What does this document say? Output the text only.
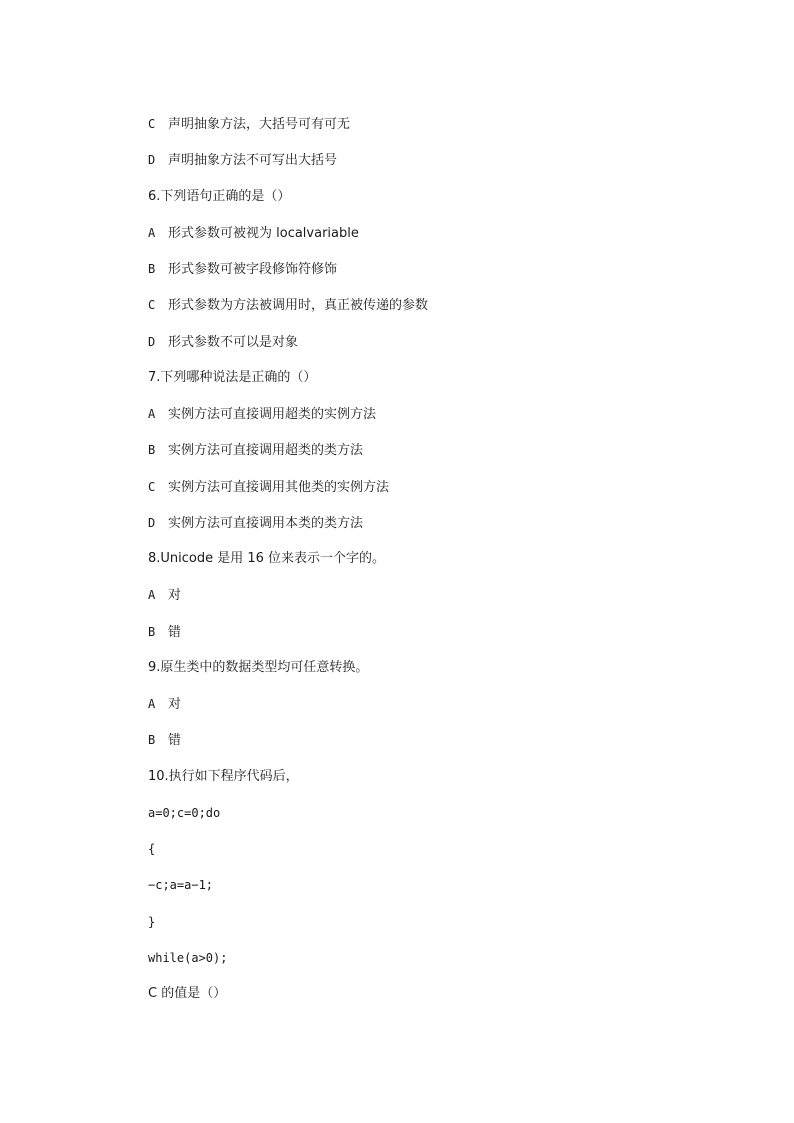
C 声明抽象方法，大括号可有可无
D 声明抽象方法不可写出大括号
6.下列语句正确的是（）
A 形式参数可被视为 localvariable
B 形式参数可被字段修饰符修饰
C 形式参数为方法被调用时，真正被传递的参数
D 形式参数不可以是对象
7.下列哪种说法是正确的（）
A 实例方法可直接调用超类的实例方法
B 实例方法可直接调用超类的类方法
C 实例方法可直接调用其他类的实例方法
D 实例方法可直接调用本类的类方法
8.Unicode 是用 16 位来表示一个字的。
A 对
B 错
9.原生类中的数据类型均可任意转换。
A 对
B 错
10.执行如下程序代码后，
a=0;c=0;do
{
−c;a=a−1;
}
while(a>0);
C 的值是（）
